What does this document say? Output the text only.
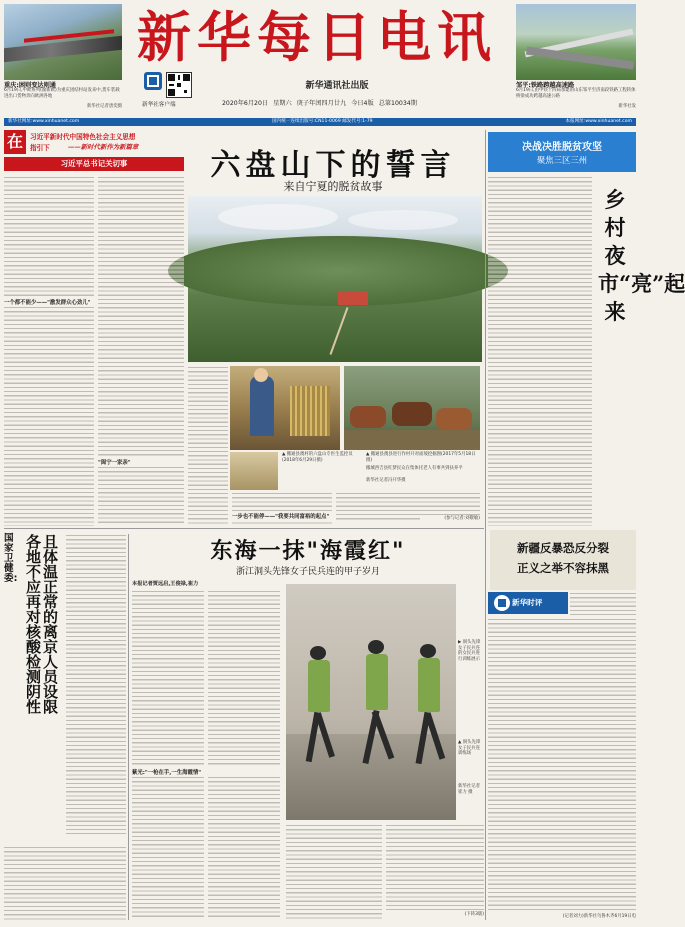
重庆:困则变达则通
6月19日,中欧班列(渝新欧)为重庆团结村站发来中,货车装载进出口货物奔向欧洲各地
新华社记者唐奕摄
新华每日电讯
新华社客户端
新华通讯社出版
2020年6月20日 星期六 庚子年闰四月廿九 今日4版 总第10034期
邹平:铁路跨越高速路
6月19日,由中铁十四局承建的山东邹平至济南段铁路工程转体桥梁成功跨越高速公路
新华社发
新华社网址:www.xinhuanet.com	国内统一连续出版号:CN11-0069 邮发代号:1-79	本报网址:www.xinhuanet.com
在	习近平新时代中国特色社会主义思想
指引下	——新时代新作为新篇章
习近平总书记关切事	六盘山下的誓言
来自宁夏的脱贫故事
▲ 搬通县澳村的六盘山专医生监控员(2018年6月29日摄)
▲ 搬通县澳县进行作村开对面坡挖掘图(2017年5月18日摄)
搬城西吉县红梦民众在集体托老人有事共到扶养平
新华社记者冯开华摄
一个都不能少——"激发群众心劲儿"
"闽宁一家亲"
一步也不能停——"我要共同富裕的起点"	(参与记者:刘敬敏)
决战决胜脱贫攻坚
聚焦三区三州
乡村夜市“亮”起来
新疆反暴恐反分裂
正义之举不容抹黑
新华时评
(记者刘力)新华社乌鲁木齐6月19日电
国家卫健委:	且体温正常的离京人员设限
各地不应再对核酸检测阴性	东海一抹"海霞红"
浙江洞头先锋女子民兵连的甲子岁月
本报记者贾远启,王俊禄,崔力
紫光:"一枪在手,一生海霞情"
▶ 洞头先锋女子民兵连的女民兵进行训练展示
▲ 洞头先锋女子民兵连训练场
新华社记者 崔力 摄
(下转3版)
